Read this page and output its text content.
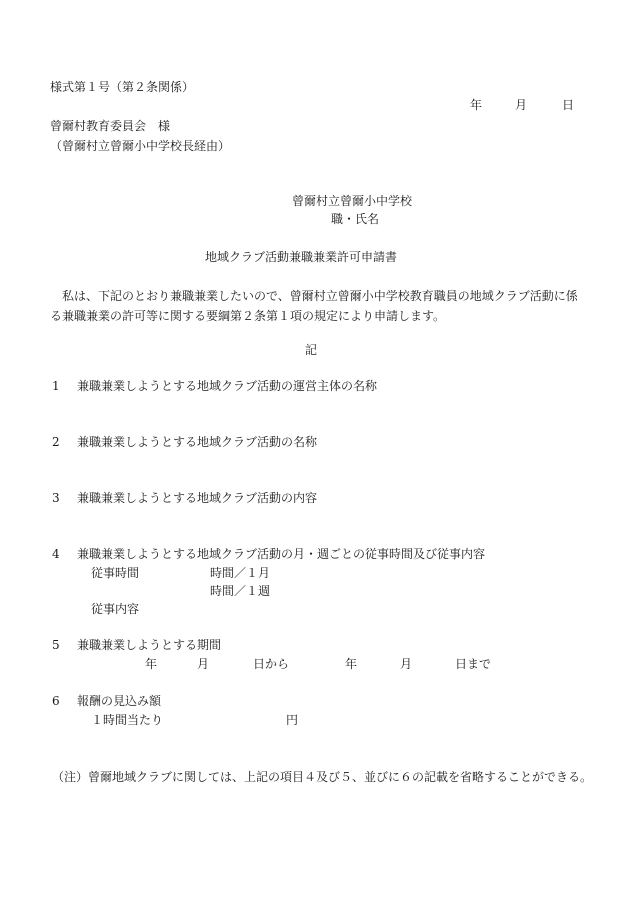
様式第１号（第２条関係）
年	月	日
曾爾村教育委員会　様
（曾爾村立曾爾小中学校長経由）
曾爾村立曾爾小中学校
職・氏名
地域クラブ活動兼職兼業許可申請書
　私は、下記のとおり兼職兼業したいので、曾爾村立曾爾小中学校教育職員の地域クラブ活動に係る兼職兼業の許可等に関する要綱第２条第１項の規定により申請します。
記
1 兼職兼業しようとする地域クラブ活動の運営主体の名称
2 兼職兼業しようとする地域クラブ活動の名称
3 兼職兼業しようとする地域クラブ活動の内容
4 兼職兼業しようとする地域クラブ活動の月・週ごとの従事時間及び従事内容
従事時間	時間／１月
時間／１週
従事内容
5 兼職兼業しようとする期間
年	月	日から	年	月	日まで
6 報酬の見込み額
１時間当たり	円
（注）曾爾地域クラブに関しては、上記の項目４及び５、並びに６の記載を省略することができる。
